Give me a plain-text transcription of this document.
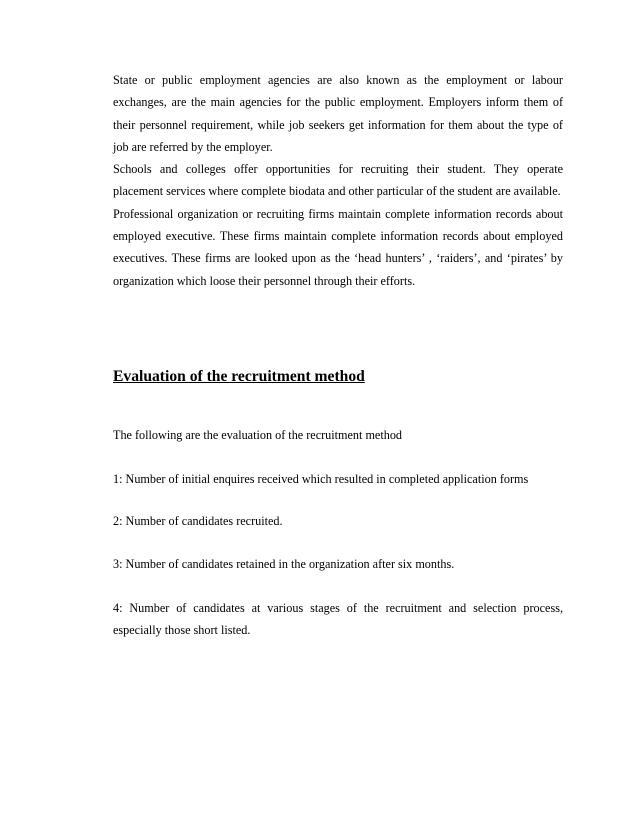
State or public employment agencies are also known as the employment or labour exchanges, are the main agencies for the public employment. Employers inform them of their personnel requirement, while job seekers get information for them about the type of job are referred by the employer.

Schools and colleges offer opportunities for recruiting their student. They operate placement services where complete biodata and other particular of the student are available.

Professional organization or recruiting firms maintain complete information records about employed executive. These firms maintain complete information records about employed executives. These firms are looked upon as the ‘head hunters’ , ‘raiders’, and ‘pirates’ by organization which loose their personnel through their efforts.

Evaluation of the recruitment method

The following are the evaluation of the recruitment method

1: Number of initial enquires received which resulted in completed application forms

2: Number of candidates recruited.

3: Number of candidates retained in the organization after six months.

4: Number of candidates at various stages of the recruitment and selection process, especially those short listed.
